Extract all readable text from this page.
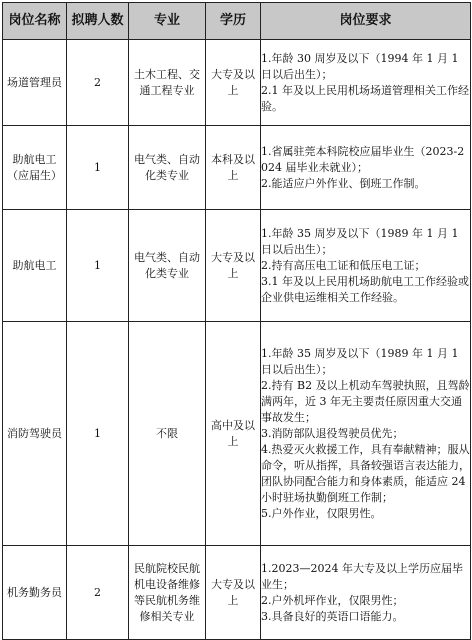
岗位名称	拟聘人数	专业	学历	岗位要求
场道管理员	2	土木工程、交通工程专业	大专及以上	1.年龄 30 周岁及以下（1994 年 1 月 1 日以后出生）；
2.1 年及以上民用机场场道管理相关工作经验。

助航电工（应届生）	1	电气类、自动化类专业	本科及以上	1.省属驻莞本科院校应届毕业生（2023-2024 届毕业未就业）；
2.能适应户外作业、倒班工作制。

助航电工	1	电气类、自动化类专业	大专及以上	1.年龄 35 周岁及以下（1989 年 1 月 1 日以后出生）；
2.持有高压电工证和低压电工证；
3.1 年及以上民用机场助航电工工作经验或企业供电运维相关工作经验。

消防驾驶员	1	不限	高中及以上	1.年龄 35 周岁及以下（1989 年 1 月 1 日以后出生）；
2.持有 B2 及以上机动车驾驶执照，且驾龄满两年，近 3 年无主要责任原因重大交通事故发生；
3.消防部队退役驾驶员优先；
4.热爱灭火救援工作，具有奉献精神；服从命令，听从指挥，具备较强语言表达能力，团队协同配合能力和身体素质，能适应 24 小时驻场执勤倒班工作制；
5.户外作业，仅限男性。

机务勤务员	2	民航院校民航机电设备维修等民航机务维修相关专业	大专及以上	1.2023—2024 年大专及以上学历应届毕业生；
2.户外机坪作业，仅限男性；
3.具备良好的英语口语能力。
